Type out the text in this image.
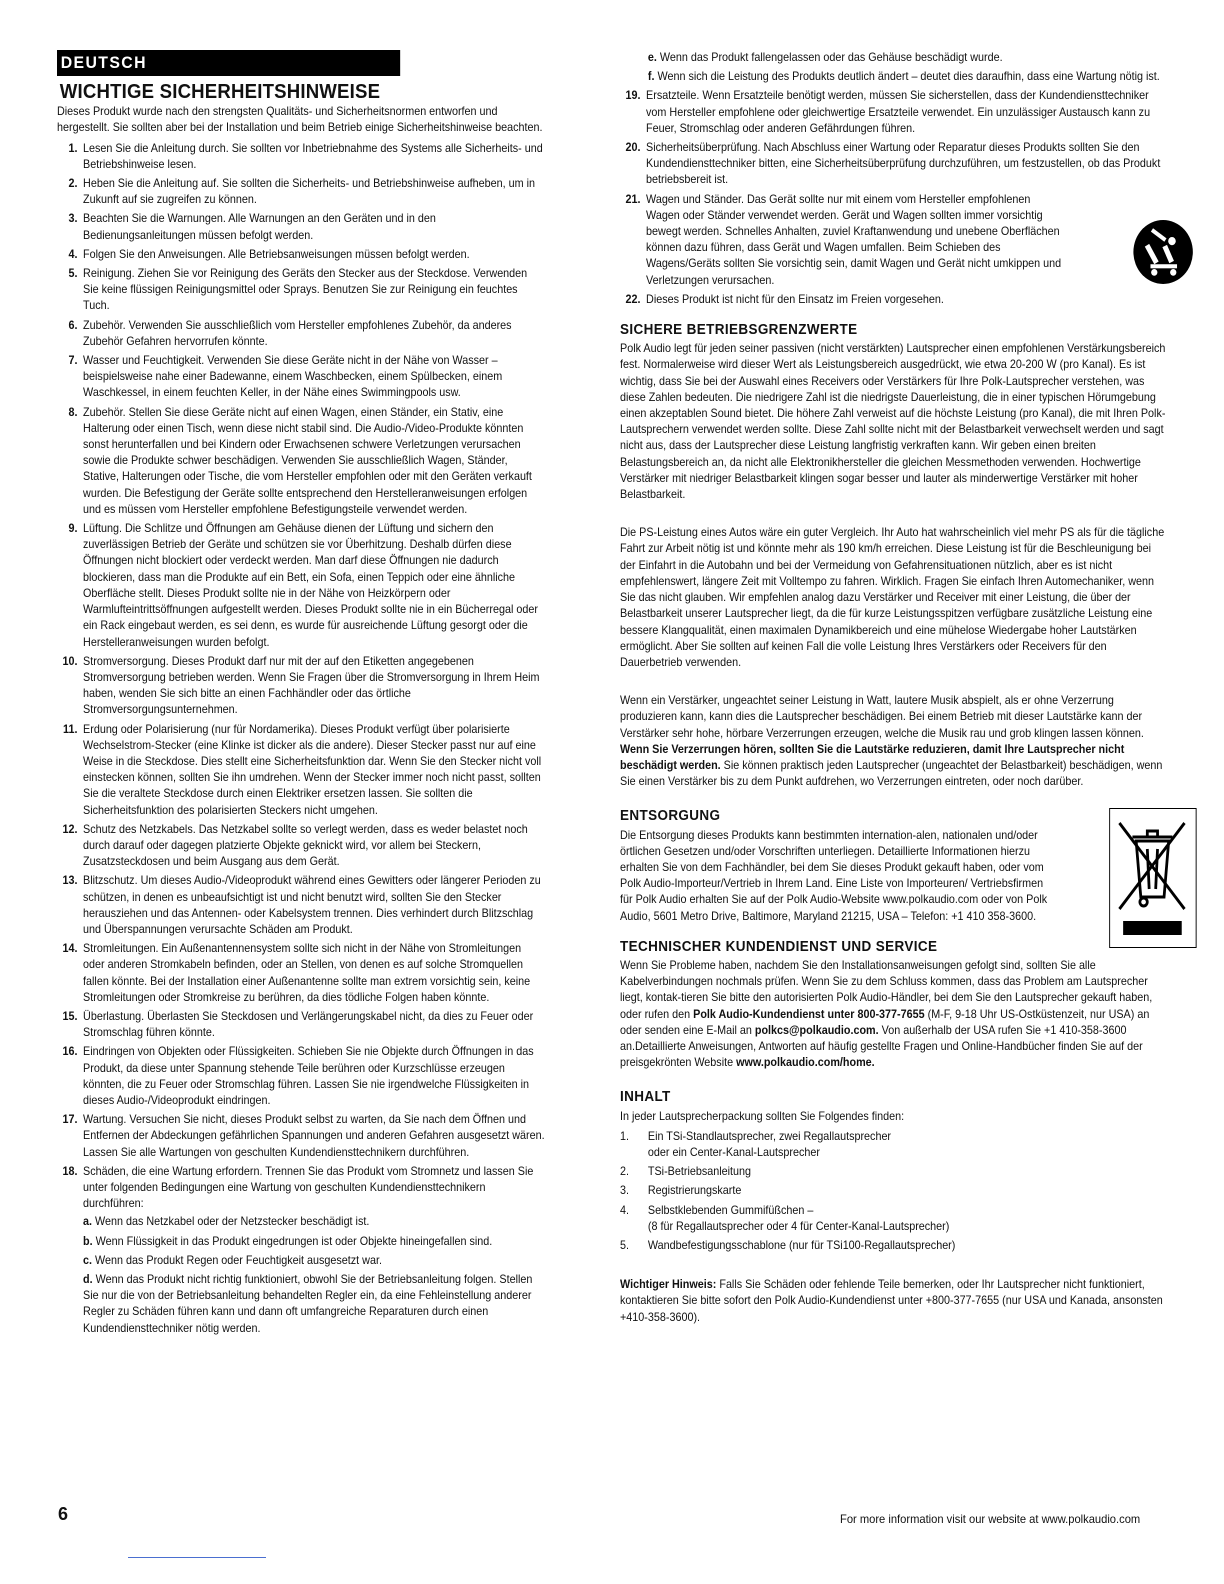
DEUTSCH
WICHTIGE SICHERHEITSHINWEISE

Dieses Produkt wurde nach den strengsten Qualitäts- und Sicherheitsnormen entworfen und hergestellt. Sie sollten aber bei der Installation und beim Betrieb einige Sicherheitshinweise beachten.

1. Lesen Sie die Anleitung durch. Sie sollten vor Inbetriebnahme des Systems alle Sicherheits- und Betriebshinweise lesen.
2. Heben Sie die Anleitung auf. Sie sollten die Sicherheits- und Betriebshinweise aufheben, um in Zukunft auf sie zugreifen zu können.
3. Beachten Sie die Warnungen. Alle Warnungen an den Geräten und in den Bedienungsanleitungen müssen befolgt werden.
4. Folgen Sie den Anweisungen. Alle Betriebsanweisungen müssen befolgt werden.
5. Reinigung. Ziehen Sie vor Reinigung des Geräts den Stecker aus der Steckdose. Verwenden Sie keine flüssigen Reinigungsmittel oder Sprays. Benutzen Sie zur Reinigung ein feuchtes Tuch.
6. Zubehör. Verwenden Sie ausschließlich vom Hersteller empfohlenes Zubehör, da anderes Zubehör Gefahren hervorrufen könnte.
7. Wasser und Feuchtigkeit. Verwenden Sie diese Geräte nicht in der Nähe von Wasser – beispielsweise nahe einer Badewanne, einem Waschbecken, einem Spülbecken, einem Waschkessel, in einem feuchten Keller, in der Nähe eines Swimmingpools usw.
8. Zubehör. Stellen Sie diese Geräte nicht auf einen Wagen, einen Ständer, ein Stativ, eine Halterung oder einen Tisch, wenn diese nicht stabil sind. Die Audio-/Video-Produkte könnten sonst herunterfallen und bei Kindern oder Erwachsenen schwere Verletzungen verursachen sowie die Produkte schwer beschädigen. Verwenden Sie ausschließlich Wagen, Ständer, Stative, Halterungen oder Tische, die vom Hersteller empfohlen oder mit den Geräten verkauft wurden. Die Befestigung der Geräte sollte entsprechend den Herstelleranweisungen erfolgen und es müssen vom Hersteller empfohlene Befestigungsteile verwendet werden.
9. Lüftung. Die Schlitze und Öffnungen am Gehäuse dienen der Lüftung und sichern den zuverlässigen Betrieb der Geräte und schützen sie vor Überhitzung. Deshalb dürfen diese Öffnungen nicht blockiert oder verdeckt werden. Man darf diese Öffnungen nie dadurch blockieren, dass man die Produkte auf ein Bett, ein Sofa, einen Teppich oder eine ähnliche Oberfläche stellt. Dieses Produkt sollte nie in der Nähe von Heizkörpern oder Warmlufteintrittsöffnungen aufgestellt werden. Dieses Produkt sollte nie in ein Bücherregal oder ein Rack eingebaut werden, es sei denn, es wurde für ausreichende Lüftung gesorgt oder die Herstelleranweisungen wurden befolgt.
10. Stromversorgung. Dieses Produkt darf nur mit der auf den Etiketten angegebenen Stromversorgung betrieben werden. Wenn Sie Fragen über die Stromversorgung in Ihrem Heim haben, wenden Sie sich bitte an einen Fachhändler oder das örtliche Stromversorgungsunternehmen.
11. Erdung oder Polarisierung (nur für Nordamerika). Dieses Produkt verfügt über polarisierte Wechselstrom-Stecker (eine Klinke ist dicker als die andere). Dieser Stecker passt nur auf eine Weise in die Steckdose. Dies stellt eine Sicherheitsfunktion dar. Wenn Sie den Stecker nicht voll einstecken können, sollten Sie ihn umdrehen. Wenn der Stecker immer noch nicht passt, sollten Sie die veraltete Steckdose durch einen Elektriker ersetzen lassen. Sie sollten die Sicherheitsfunktion des polarisierten Steckers nicht umgehen.
12. Schutz des Netzkabels. Das Netzkabel sollte so verlegt werden, dass es weder belastet noch durch darauf oder dagegen platzierte Objekte geknickt wird, vor allem bei Steckern, Zusatzsteckdosen und beim Ausgang aus dem Gerät.
13. Blitzschutz. Um dieses Audio-/Videoprodukt während eines Gewitters oder längerer Perioden zu schützen, in denen es unbeaufsichtigt ist und nicht benutzt wird, sollten Sie den Stecker herausziehen und das Antennen- oder Kabelsystem trennen. Dies verhindert durch Blitzschlag und Überspannungen verursachte Schäden am Produkt.
14. Stromleitungen. Ein Außenantennensystem sollte sich nicht in der Nähe von Stromleitungen oder anderen Stromkabeln befinden, oder an Stellen, von denen es auf solche Stromquellen fallen könnte. Bei der Installation einer Außenantenne sollte man extrem vorsichtig sein, keine Stromleitungen oder Stromkreise zu berühren, da dies tödliche Folgen haben könnte.
15. Überlastung. Überlasten Sie Steckdosen und Verlängerungskabel nicht, da dies zu Feuer oder Stromschlag führen könnte.
16. Eindringen von Objekten oder Flüssigkeiten. Schieben Sie nie Objekte durch Öffnungen in das Produkt, da diese unter Spannung stehende Teile berühren oder Kurzschlüsse erzeugen könnten, die zu Feuer oder Stromschlag führen. Lassen Sie nie irgendwelche Flüssigkeiten in dieses Audio-/Videoprodukt eindringen.
17. Wartung. Versuchen Sie nicht, dieses Produkt selbst zu warten, da Sie nach dem Öffnen und Entfernen der Abdeckungen gefährlichen Spannungen und anderen Gefahren ausgesetzt wären. Lassen Sie alle Wartungen von geschulten Kundendiensttechnikern durchführen.
18. Schäden, die eine Wartung erfordern. Trennen Sie das Produkt vom Stromnetz und lassen Sie unter folgenden Bedingungen eine Wartung von geschulten Kundendiensttechnikern durchführen:
a. Wenn das Netzkabel oder der Netzstecker beschädigt ist.
b. Wenn Flüssigkeit in das Produkt eingedrungen ist oder Objekte hineingefallen sind.
c. Wenn das Produkt Regen oder Feuchtigkeit ausgesetzt war.
d. Wenn das Produkt nicht richtig funktioniert, obwohl Sie der Betriebsanleitung folgen. Stellen Sie nur die von der Betriebsanleitung behandelten Regler ein, da eine Fehleinstellung anderer Regler zu Schäden führen kann und dann oft umfangreiche Reparaturen durch einen Kundendiensttechniker nötig werden.
e. Wenn das Produkt fallengelassen oder das Gehäuse beschädigt wurde.
f. Wenn sich die Leistung des Produkts deutlich ändert – deutet dies daraufhin, dass eine Wartung nötig ist.
19. Ersatzteile. Wenn Ersatzteile benötigt werden, müssen Sie sicherstellen, dass der Kundendiensttechniker vom Hersteller empfohlene oder gleichwertige Ersatzteile verwendet. Ein unzulässiger Austausch kann zu Feuer, Stromschlag oder anderen Gefährdungen führen.
20. Sicherheitsüberprüfung. Nach Abschluss einer Wartung oder Reparatur dieses Produkts sollten Sie den Kundendiensttechniker bitten, eine Sicherheitsüberprüfung durchzuführen, um festzustellen, ob das Produkt betriebsbereit ist.
21. Wagen und Ständer. Das Gerät sollte nur mit einem vom Hersteller empfohlenen Wagen oder Ständer verwendet werden. Gerät und Wagen sollten immer vorsichtig bewegt werden. Schnelles Anhalten, zuviel Kraftanwendung und unebene Oberflächen können dazu führen, dass Gerät und Wagen umfallen. Beim Schieben des Wagens/Geräts sollten Sie vorsichtig sein, damit Wagen und Gerät nicht umkippen und Verletzungen verursachen.
22. Dieses Produkt ist nicht für den Einsatz im Freien vorgesehen.
SICHERE BETRIEBSGRENZWERTE

Polk Audio legt für jeden seiner passiven (nicht verstärkten) Lautsprecher einen empfohlenen Verstärkungsbereich fest. Normalerweise wird dieser Wert als Leistungsbereich ausgedrückt, wie etwa 20-200 W (pro Kanal). Es ist wichtig, dass Sie bei der Auswahl eines Receivers oder Verstärkers für Ihre Polk-Lautsprecher verstehen, was diese Zahlen bedeuten. Die niedrigere Zahl ist die niedrigste Dauerleistung, die in einer typischen Hörumgebung einen akzeptablen Sound bietet. Die höhere Zahl verweist auf die höchste Leistung (pro Kanal), die mit Ihren Polk-Lautsprechern verwendet werden sollte. Diese Zahl sollte nicht mit der Belastbarkeit verwechselt werden und sagt nicht aus, dass der Lautsprecher diese Leistung langfristig verkraften kann. Wir geben einen breiten Belastungsbereich an, da nicht alle Elektronikhersteller die gleichen Messmethoden verwenden. Hochwertige Verstärker mit niedriger Belastbarkeit klingen sogar besser und lauter als minderwertige Verstärker mit hoher Belastbarkeit.

Die PS-Leistung eines Autos wäre ein guter Vergleich. Ihr Auto hat wahrscheinlich viel mehr PS als für die tägliche Fahrt zur Arbeit nötig ist und könnte mehr als 190 km/h erreichen. Diese Leistung ist für die Beschleunigung bei der Einfahrt in die Autobahn und bei der Vermeidung von Gefahrensituationen nützlich, aber es ist nicht empfehlenswert, längere Zeit mit Volltempo zu fahren. Wirklich. Fragen Sie einfach Ihren Automechaniker, wenn Sie das nicht glauben. Wir empfehlen analog dazu Verstärker und Receiver mit einer Leistung, die über der Belastbarkeit unserer Lautsprecher liegt, da die für kurze Leistungsspitzen verfügbare zusätzliche Leistung eine bessere Klangqualität, einen maximalen Dynamikbereich und eine mühelose Wiedergabe hoher Lautstärken ermöglicht. Aber Sie sollten auf keinen Fall die volle Leistung Ihres Verstärkers oder Receivers für den Dauerbetrieb verwenden.

Wenn ein Verstärker, ungeachtet seiner Leistung in Watt, lautere Musik abspielt, als er ohne Verzerrung produzieren kann, kann dies die Lautsprecher beschädigen. Bei einem Betrieb mit dieser Lautstärke kann der Verstärker sehr hohe, hörbare Verzerrungen erzeugen, welche die Musik rau und grob klingen lassen können. Wenn Sie Verzerrungen hören, sollten Sie die Lautstärke reduzieren, damit Ihre Lautsprecher nicht beschädigt werden. Sie können praktisch jeden Lautsprecher (ungeachtet der Belastbarkeit) beschädigen, wenn Sie einen Verstärker bis zu dem Punkt aufdrehen, wo Verzerrungen eintreten, oder noch darüber.

ENTSORGUNG

Die Entsorgung dieses Produkts kann bestimmten internation-alen, nationalen und/oder örtlichen Gesetzen und/oder Vorschriften unterliegen. Detaillierte Informationen hierzu erhalten Sie von dem Fachhändler, bei dem Sie dieses Produkt gekauft haben, oder vom Polk Audio-Importeur/Vertrieb in Ihrem Land. Eine Liste von Importeuren/ Vertriebsfirmen für Polk Audio erhalten Sie auf der Polk Audio-Website www.polkaudio.com oder von Polk Audio, 5601 Metro Drive, Baltimore, Maryland 21215, USA – Telefon: +1 410 358-3600.

TECHNISCHER KUNDENDIENST UND SERVICE

Wenn Sie Probleme haben, nachdem Sie den Installationsanweisungen gefolgt sind, sollten Sie alle Kabelverbindungen nochmals prüfen. Wenn Sie zu dem Schluss kommen, dass das Problem am Lautsprecher liegt, kontak-tieren Sie bitte den autorisierten Polk Audio-Händler, bei dem Sie den Lautsprecher gekauft haben, oder rufen den Polk Audio-Kundendienst unter 800-377-7655 (M-F, 9-18 Uhr US-Ostküstenzeit, nur USA) an oder senden eine E-Mail an polkcs@polkaudio.com. Von außerhalb der USA rufen Sie +1 410-358-3600 an.Detaillierte Anweisungen, Antworten auf häufig gestellte Fragen und Online-Handbücher finden Sie auf der preisgekrönten Website www.polkaudio.com/home.

INHALT

In jeder Lautsprecherpackung sollten Sie Folgendes finden:

1. Ein TSi-Standlautsprecher, zwei Regallautsprecher
oder ein Center-Kanal-Lautsprecher
2. TSi-Betriebsanleitung
3. Registrierungskarte
4. Selbstklebenden Gummifüßchen –
(8 für Regallautsprecher oder 4 für Center-Kanal-Lautsprecher)
5. Wandbefestigungsschablone (nur für TSi100-Regallautsprecher)

Wichtiger Hinweis: Falls Sie Schäden oder fehlende Teile bemerken, oder Ihr Lautsprecher nicht funktioniert, kontaktieren Sie bitte sofort den Polk Audio-Kundendienst unter +800-377-7655 (nur USA und Kanada, ansonsten +410-358-3600).

6	For more information visit our website at www.polkaudio.com
